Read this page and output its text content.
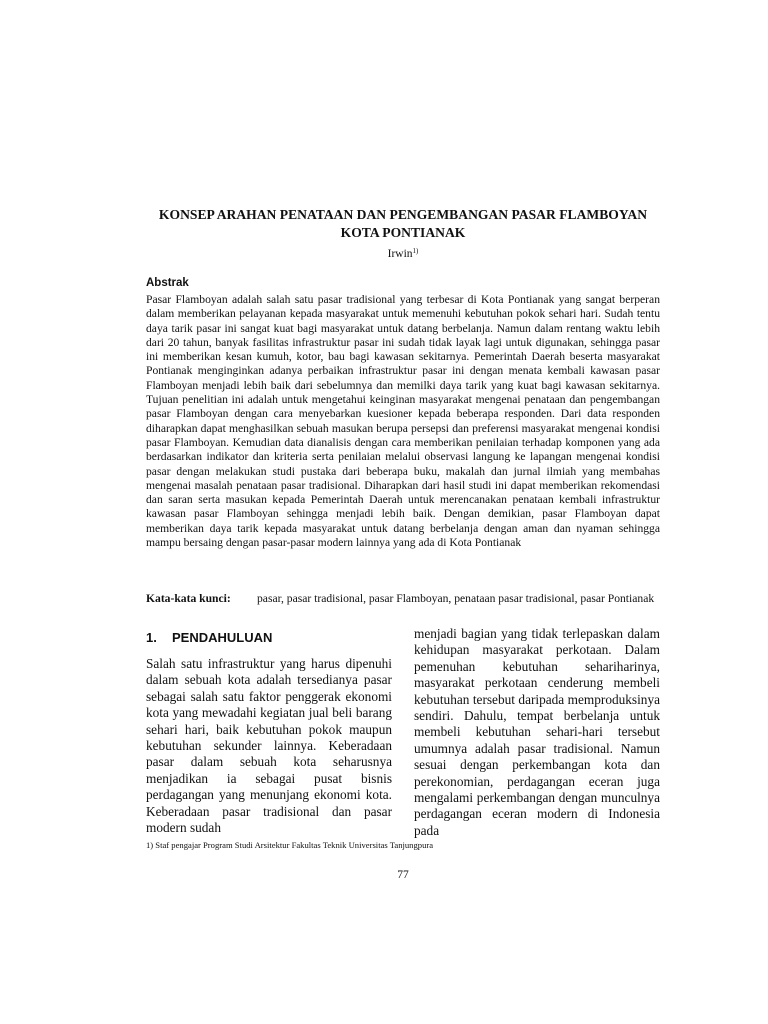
KONSEP ARAHAN PENATAAN DAN PENGEMBANGAN PASAR FLAMBOYAN KOTA PONTIANAK
Irwin$^{1)}$
Abstrak

Pasar Flamboyan adalah salah satu pasar tradisional yang terbesar di Kota Pontianak yang sangat berperan dalam memberikan pelayanan kepada masyarakat untuk memenuhi kebutuhan pokok sehari hari. Sudah tentu daya tarik pasar ini sangat kuat bagi masyarakat untuk datang berbelanja. Namun dalam rentang waktu lebih dari 20 tahun, banyak fasilitas infrastruktur pasar ini sudah tidak layak lagi untuk digunakan, sehingga pasar ini memberikan kesan kumuh, kotor, bau bagi kawasan sekitarnya. Pemerintah Daerah beserta masyarakat Pontianak menginginkan adanya perbaikan infrastruktur pasar ini dengan menata kembali kawasan pasar Flamboyan menjadi lebih baik dari sebelumnya dan memilki daya tarik yang kuat bagi kawasan sekitarnya. Tujuan penelitian ini adalah untuk mengetahui keinginan masyarakat mengenai penataan dan pengembangan pasar Flamboyan dengan cara menyebarkan kuesioner kepada beberapa responden. Dari data responden diharapkan dapat menghasilkan sebuah masukan berupa persepsi dan preferensi masyarakat mengenai kondisi pasar Flamboyan. Kemudian data dianalisis dengan cara memberikan penilaian terhadap komponen yang ada berdasarkan indikator dan kriteria serta penilaian melalui observasi langung ke lapangan mengenai kondisi pasar dengan melakukan studi pustaka dari beberapa buku, makalah dan jurnal ilmiah yang membahas mengenai masalah penataan pasar tradisional. Diharapkan dari hasil studi ini dapat memberikan rekomendasi dan saran serta masukan kepada Pemerintah Daerah untuk merencanakan penataan kembali infrastruktur kawasan pasar Flamboyan sehingga menjadi lebih baik. Dengan demikian, pasar Flamboyan dapat memberikan daya tarik kepada masyarakat untuk datang berbelanja dengan aman dan nyaman sehingga mampu bersaing dengan pasar-pasar modern lainnya yang ada di Kota Pontianak

Kata-kata kunci: pasar, pasar tradisional, pasar Flamboyan, penataan pasar tradisional, pasar Pontianak
1. PENDAHULUAN

Salah satu infrastruktur yang harus dipenuhi dalam sebuah kota adalah tersedianya pasar sebagai salah satu faktor penggerak ekonomi kota yang mewadahi kegiatan jual beli barang sehari hari, baik kebutuhan pokok maupun kebutuhan sekunder lainnya. Keberadaan pasar dalam sebuah kota seharusnya menjadikan ia sebagai pusat bisnis perdagangan yang menunjang ekonomi kota. Keberadaan pasar tradisional dan pasar modern sudah

menjadi bagian yang tidak terlepaskan dalam kehidupan masyarakat perkotaan. Dalam pemenuhan kebutuhan sehariharinya, masyarakat perkotaan cenderung membeli kebutuhan tersebut daripada memproduksinya sendiri. Dahulu, tempat berbelanja untuk membeli kebutuhan sehari-hari tersebut umumnya adalah pasar tradisional. Namun sesuai dengan perkembangan kota dan perekonomian, perdagangan eceran juga mengalami perkembangan dengan munculnya perdagangan eceran modern di Indonesia pada

1) Staf pengajar Program Studi Arsitektur Fakultas Teknik Universitas Tanjungpura
77
